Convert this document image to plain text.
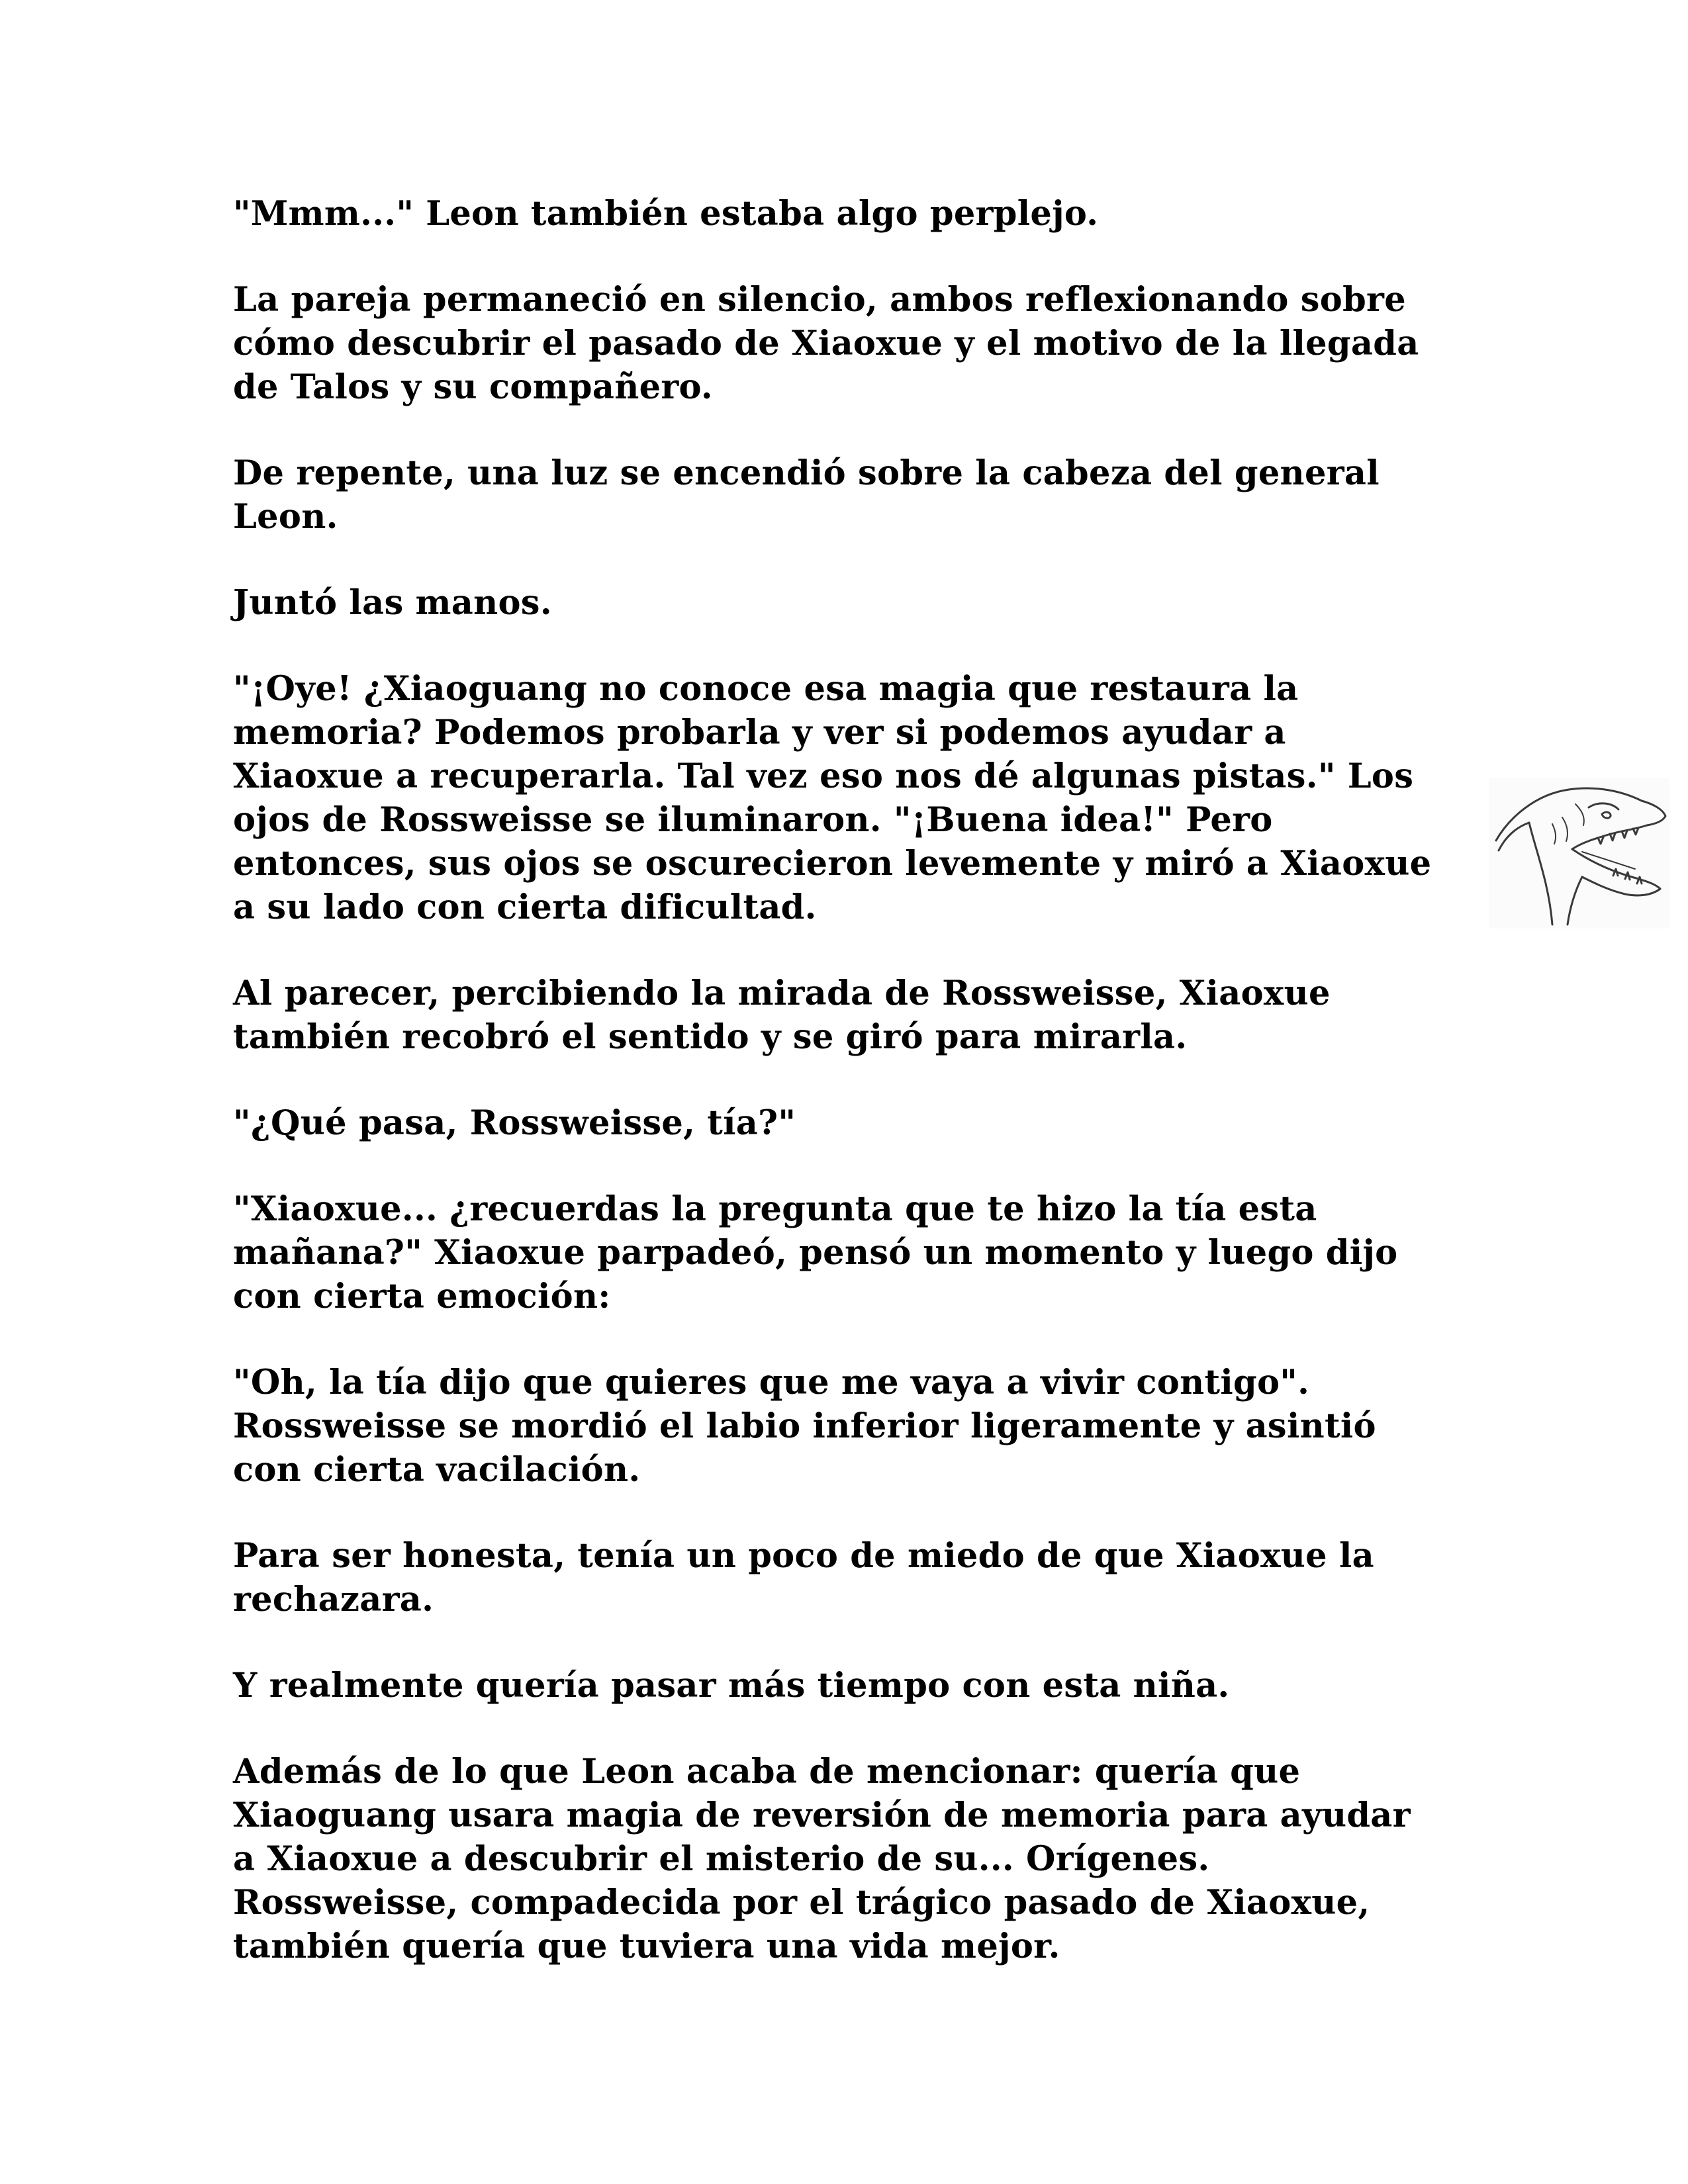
"Mmm..." Leon también estaba algo perplejo.
La pareja permaneció en silencio, ambos reflexionando sobre
cómo descubrir el pasado de Xiaoxue y el motivo de la llegada
de Talos y su compañero.
De repente, una luz se encendió sobre la cabeza del general
Leon.
Juntó las manos.
"¡Oye! ¿Xiaoguang no conoce esa magia que restaura la
memoria? Podemos probarla y ver si podemos ayudar a
Xiaoxue a recuperarla. Tal vez eso nos dé algunas pistas." Los
ojos de Rossweisse se iluminaron. "¡Buena idea!" Pero
entonces, sus ojos se oscurecieron levemente y miró a Xiaoxue
a su lado con cierta dificultad.
Al parecer, percibiendo la mirada de Rossweisse, Xiaoxue
también recobró el sentido y se giró para mirarla.
"¿Qué pasa, Rossweisse, tía?"
"Xiaoxue... ¿recuerdas la pregunta que te hizo la tía esta
mañana?" Xiaoxue parpadeó, pensó un momento y luego dijo
con cierta emoción:
"Oh, la tía dijo que quieres que me vaya a vivir contigo".
Rossweisse se mordió el labio inferior ligeramente y asintió
con cierta vacilación.
Para ser honesta, tenía un poco de miedo de que Xiaoxue la
rechazara.
Y realmente quería pasar más tiempo con esta niña.
Además de lo que Leon acaba de mencionar: quería que
Xiaoguang usara magia de reversión de memoria para ayudar
a Xiaoxue a descubrir el misterio de su... Orígenes.
Rossweisse, compadecida por el trágico pasado de Xiaoxue,
también quería que tuviera una vida mejor.
